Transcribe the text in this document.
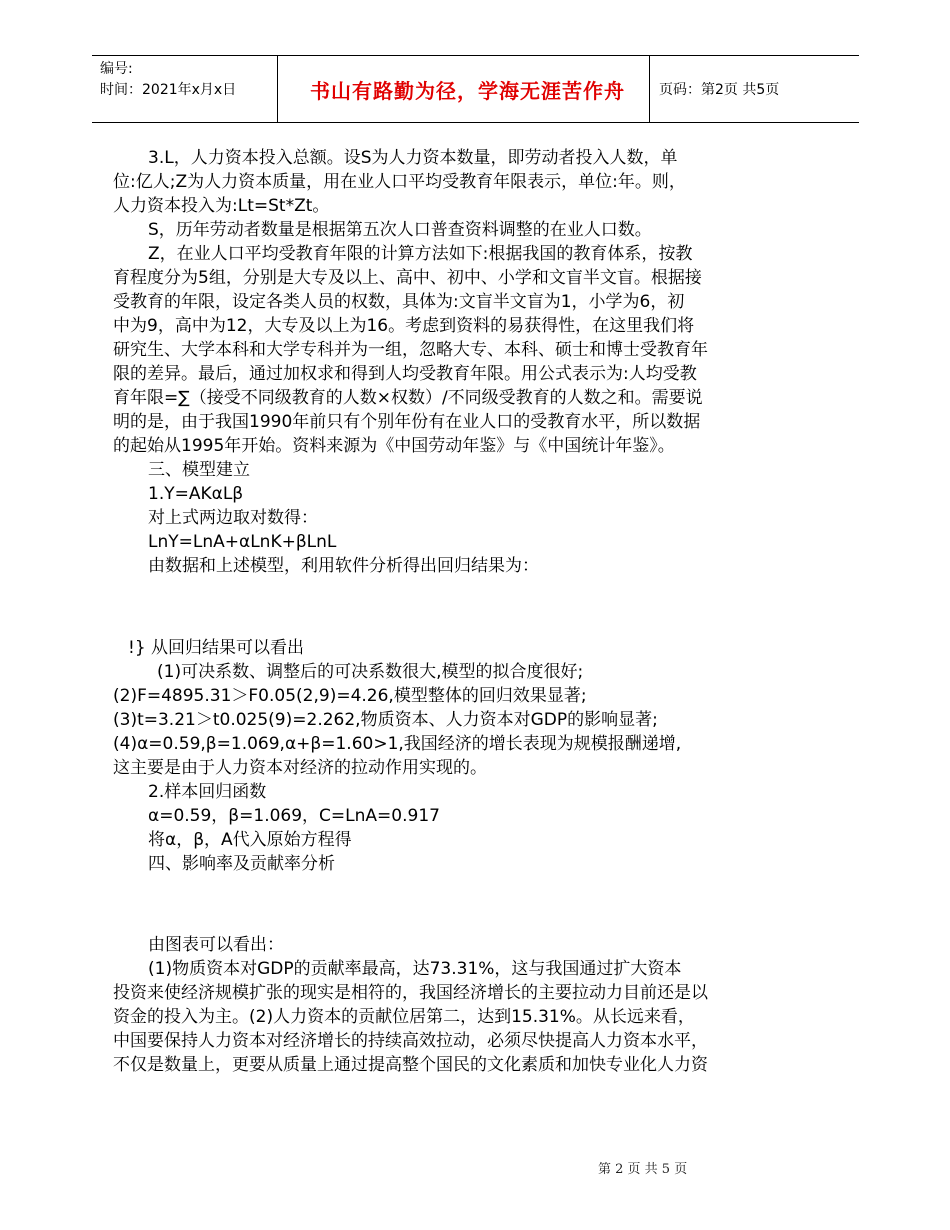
编号:
时间：2021年x月x日	书山有路勤为径，学海无涯苦作舟	页码：第2页 共5页

3.L，人力资本投入总额。设S为人力资本数量，即劳动者投入人数，单

位:亿人;Z为人力资本质量，用在业人口平均受教育年限表示，单位:年。则，

人力资本投入为:Lt=St*Zt。

S，历年劳动者数量是根据第五次人口普查资料调整的在业人口数。

Z，在业人口平均受教育年限的计算方法如下:根据我国的教育体系，按教

育程度分为5组，分别是大专及以上、高中、初中、小学和文盲半文盲。根据接

受教育的年限，设定各类人员的权数，具体为:文盲半文盲为1，小学为6，初

中为9，高中为12，大专及以上为16。考虑到资料的易获得性，在这里我们将

研究生、大学本科和大学专科并为一组，忽略大专、本科、硕士和博士受教育年

限的差异。最后，通过加权求和得到人均受教育年限。用公式表示为:人均受教

育年限=∑（接受不同级教育的人数×权数）/不同级受教育的人数之和。需要说

明的是，由于我国1990年前只有个别年份有在业人口的受教育水平，所以数据

的起始从1995年开始。资料来源为《中国劳动年鉴》与《中国统计年鉴》。

三、模型建立

1.Y=AKαLβ

对上式两边取对数得：

LnY=LnA+αLnK+βLnL

由数据和上述模型，利用软件分析得出回归结果为：

!} 从回归结果可以看出

(1)可决系数、调整后的可决系数很大,模型的拟合度很好;

(2)F=4895.31＞F0.05(2,9)=4.26,模型整体的回归效果显著;

(3)t=3.21＞t0.025(9)=2.262,物质资本、人力资本对GDP的影响显著;

(4)α=0.59,β=1.069,α+β=1.60>1,我国经济的增长表现为规模报酬递增,

这主要是由于人力资本对经济的拉动作用实现的。

2.样本回归函数

α=0.59，β=1.069，C=LnA=0.917

将α，β，A代入原始方程得

四、影响率及贡献率分析

由图表可以看出：

(1)物质资本对GDP的贡献率最高，达73.31%，这与我国通过扩大资本

投资来使经济规模扩张的现实是相符的，我国经济增长的主要拉动力目前还是以

资金的投入为主。(2)人力资本的贡献位居第二，达到15.31%。从长远来看，

中国要保持人力资本对经济增长的持续高效拉动，必须尽快提高人力资本水平，

不仅是数量上，更要从质量上通过提高整个国民的文化素质和加快专业化人力资

第 2 页 共 5 页
